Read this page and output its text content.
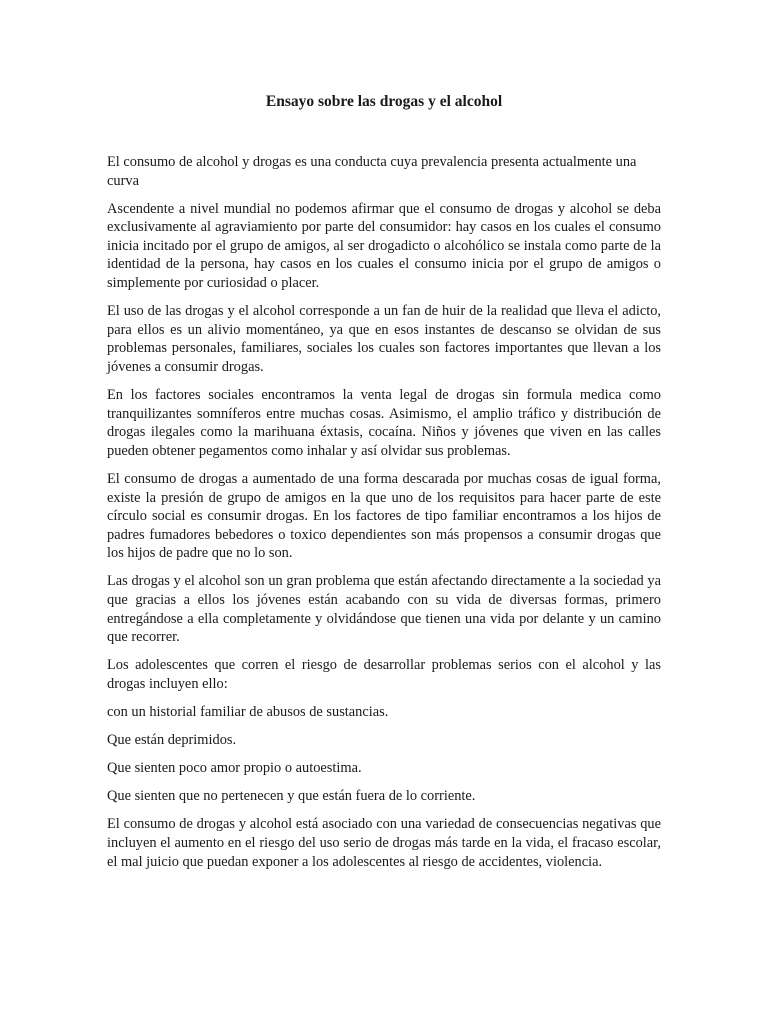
Ensayo sobre las drogas y el alcohol

El consumo de alcohol y drogas es una conducta cuya prevalencia presenta actualmente una curva

Ascendente a nivel mundial no podemos afirmar que el consumo de drogas y alcohol se deba exclusivamente al agraviamiento por parte del consumidor: hay casos en los cuales el consumo inicia incitado por el grupo de amigos, al ser drogadicto o alcohólico se instala como parte de la identidad de la persona, hay casos en los cuales el consumo inicia por el grupo de amigos o simplemente por curiosidad o placer.

El uso de las drogas y el alcohol corresponde a un fan de huir de la realidad que lleva el adicto, para ellos es un alivio momentáneo, ya que en esos instantes de descanso se olvidan de sus problemas personales, familiares, sociales los cuales son factores importantes que llevan a los jóvenes a consumir drogas.

En los factores sociales encontramos la venta legal de drogas sin formula medica como tranquilizantes somníferos entre muchas cosas. Asimismo, el amplio tráfico y distribución de drogas ilegales como la marihuana éxtasis, cocaína. Niños y jóvenes que viven en las calles pueden obtener pegamentos como inhalar y así olvidar sus problemas.

El consumo de drogas a aumentado de una forma descarada por muchas cosas de igual forma, existe la presión de grupo de amigos en la que uno de los requisitos para hacer parte de este círculo social es consumir drogas. En los factores de tipo familiar encontramos a los hijos de padres fumadores bebedores o toxico dependientes son más propensos a consumir drogas que los hijos de padre que no lo son.

Las drogas y el alcohol son un gran problema que están afectando directamente a la sociedad ya que gracias a ellos los jóvenes están acabando con su vida de diversas formas, primero entregándose a ella completamente y olvidándose que tienen una vida por delante y un camino que recorrer.

Los adolescentes que corren el riesgo de desarrollar problemas serios con el alcohol y las drogas incluyen ello:

con un historial familiar de abusos de sustancias.

Que están deprimidos.

Que sienten poco amor propio o autoestima.

Que sienten que no pertenecen y que están fuera de lo corriente.

El consumo de drogas y alcohol está asociado con una variedad de consecuencias negativas que incluyen el aumento en el riesgo del uso serio de drogas más tarde en la vida, el fracaso escolar, el mal juicio que puedan exponer a los adolescentes al riesgo de accidentes, violencia.
